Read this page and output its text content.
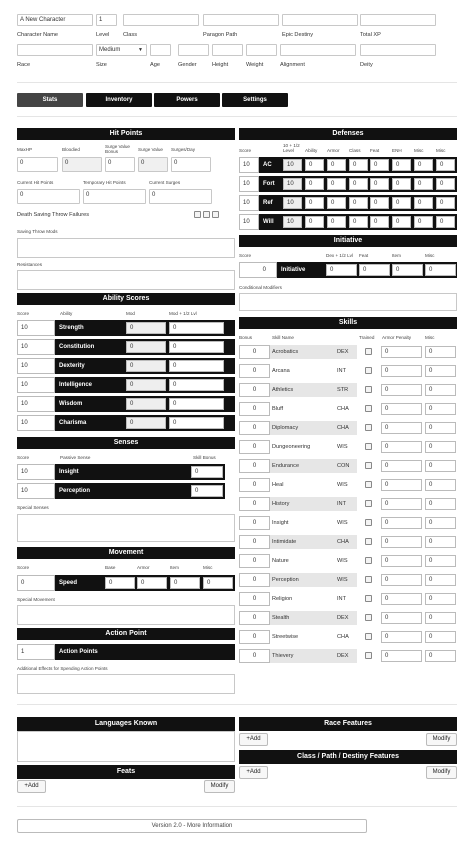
A New Character	1
Character Name	Level Class	Paragon Path	Epic Destiny	Total XP
Medium	▼
Race	Size	Age	Gender	Height	Weight	Alignment	Deity
Stats	Inventory	Powers	Settings
Hit Points
MaxHP	Bloodied
Surge Value Bonus	Surge Value Surges/Day
0	0	0	0	0
Current Hit Points	Temporary Hit Points	Current Surges
0	0	0
Death Saving Throw Failures
Saving Throw Mods
Resistances
Ability Scores
Score	Ability	Mod	Mod + 1/2 Lvl
10	Strength	0	0
10	Constitution	0	0
10	Dexterity	0	0
10	Intelligence	0	0
10	Wisdom	0	0
10	Charisma	0	0
Senses
Score	Passive Sense	Skill Bonus
10	Insight	0
10	Perception	0
Special Senses
Movement
Score	Base	Armor	Item	Misc
0	Speed	0	0	0	0
Special Movement
Action Point
1	Action Points
Additional Effects for Spending Action Points
Defenses
Score
10 + 1/2 Level	Ability Armor Class Feat	ENH	Misc	Misc
10	AC	10	0	0	0	0	0	0	0
10	Fort	10	0	0	0	0	0	0	0
10	Ref	10	0	0	0	0	0	0	0
10	Will	10	0	0	0	0	0	0	0
Initiative
Score	Dex + 1/2 Lvl Feat	Item	Misc
0	Initiative	0	0	0	0
Conditional Modifiers
Skills
Bonus	Skill Name	Trained Armor Penalty	Misc
0	Acrobatics	DEX	0	0
0	Arcana	INT	0	0
0	Athletics	STR	0	0
0	Bluff	CHA	0	0
0	Diplomacy	CHA	0	0
0	Dungeoneering	WIS	0	0
0	Endurance	CON	0	0
0	Heal	WIS	0	0
0	History	INT	0	0
0	Insight	WIS	0	0
0	Intimidate	CHA	0	0
0	Nature	WIS	0	0
0	Perception	WIS	0	0
0	Religion	INT	0	0
0	Stealth	DEX	0	0
0	Streetwise	CHA	0	0
0	Thievery	DEX	0	0
Languages Known
Feats
+Add	Modify
Race Features
+Add	Modify
Class / Path / Destiny Features
+Add	Modify
Version 2.0 - More Information
